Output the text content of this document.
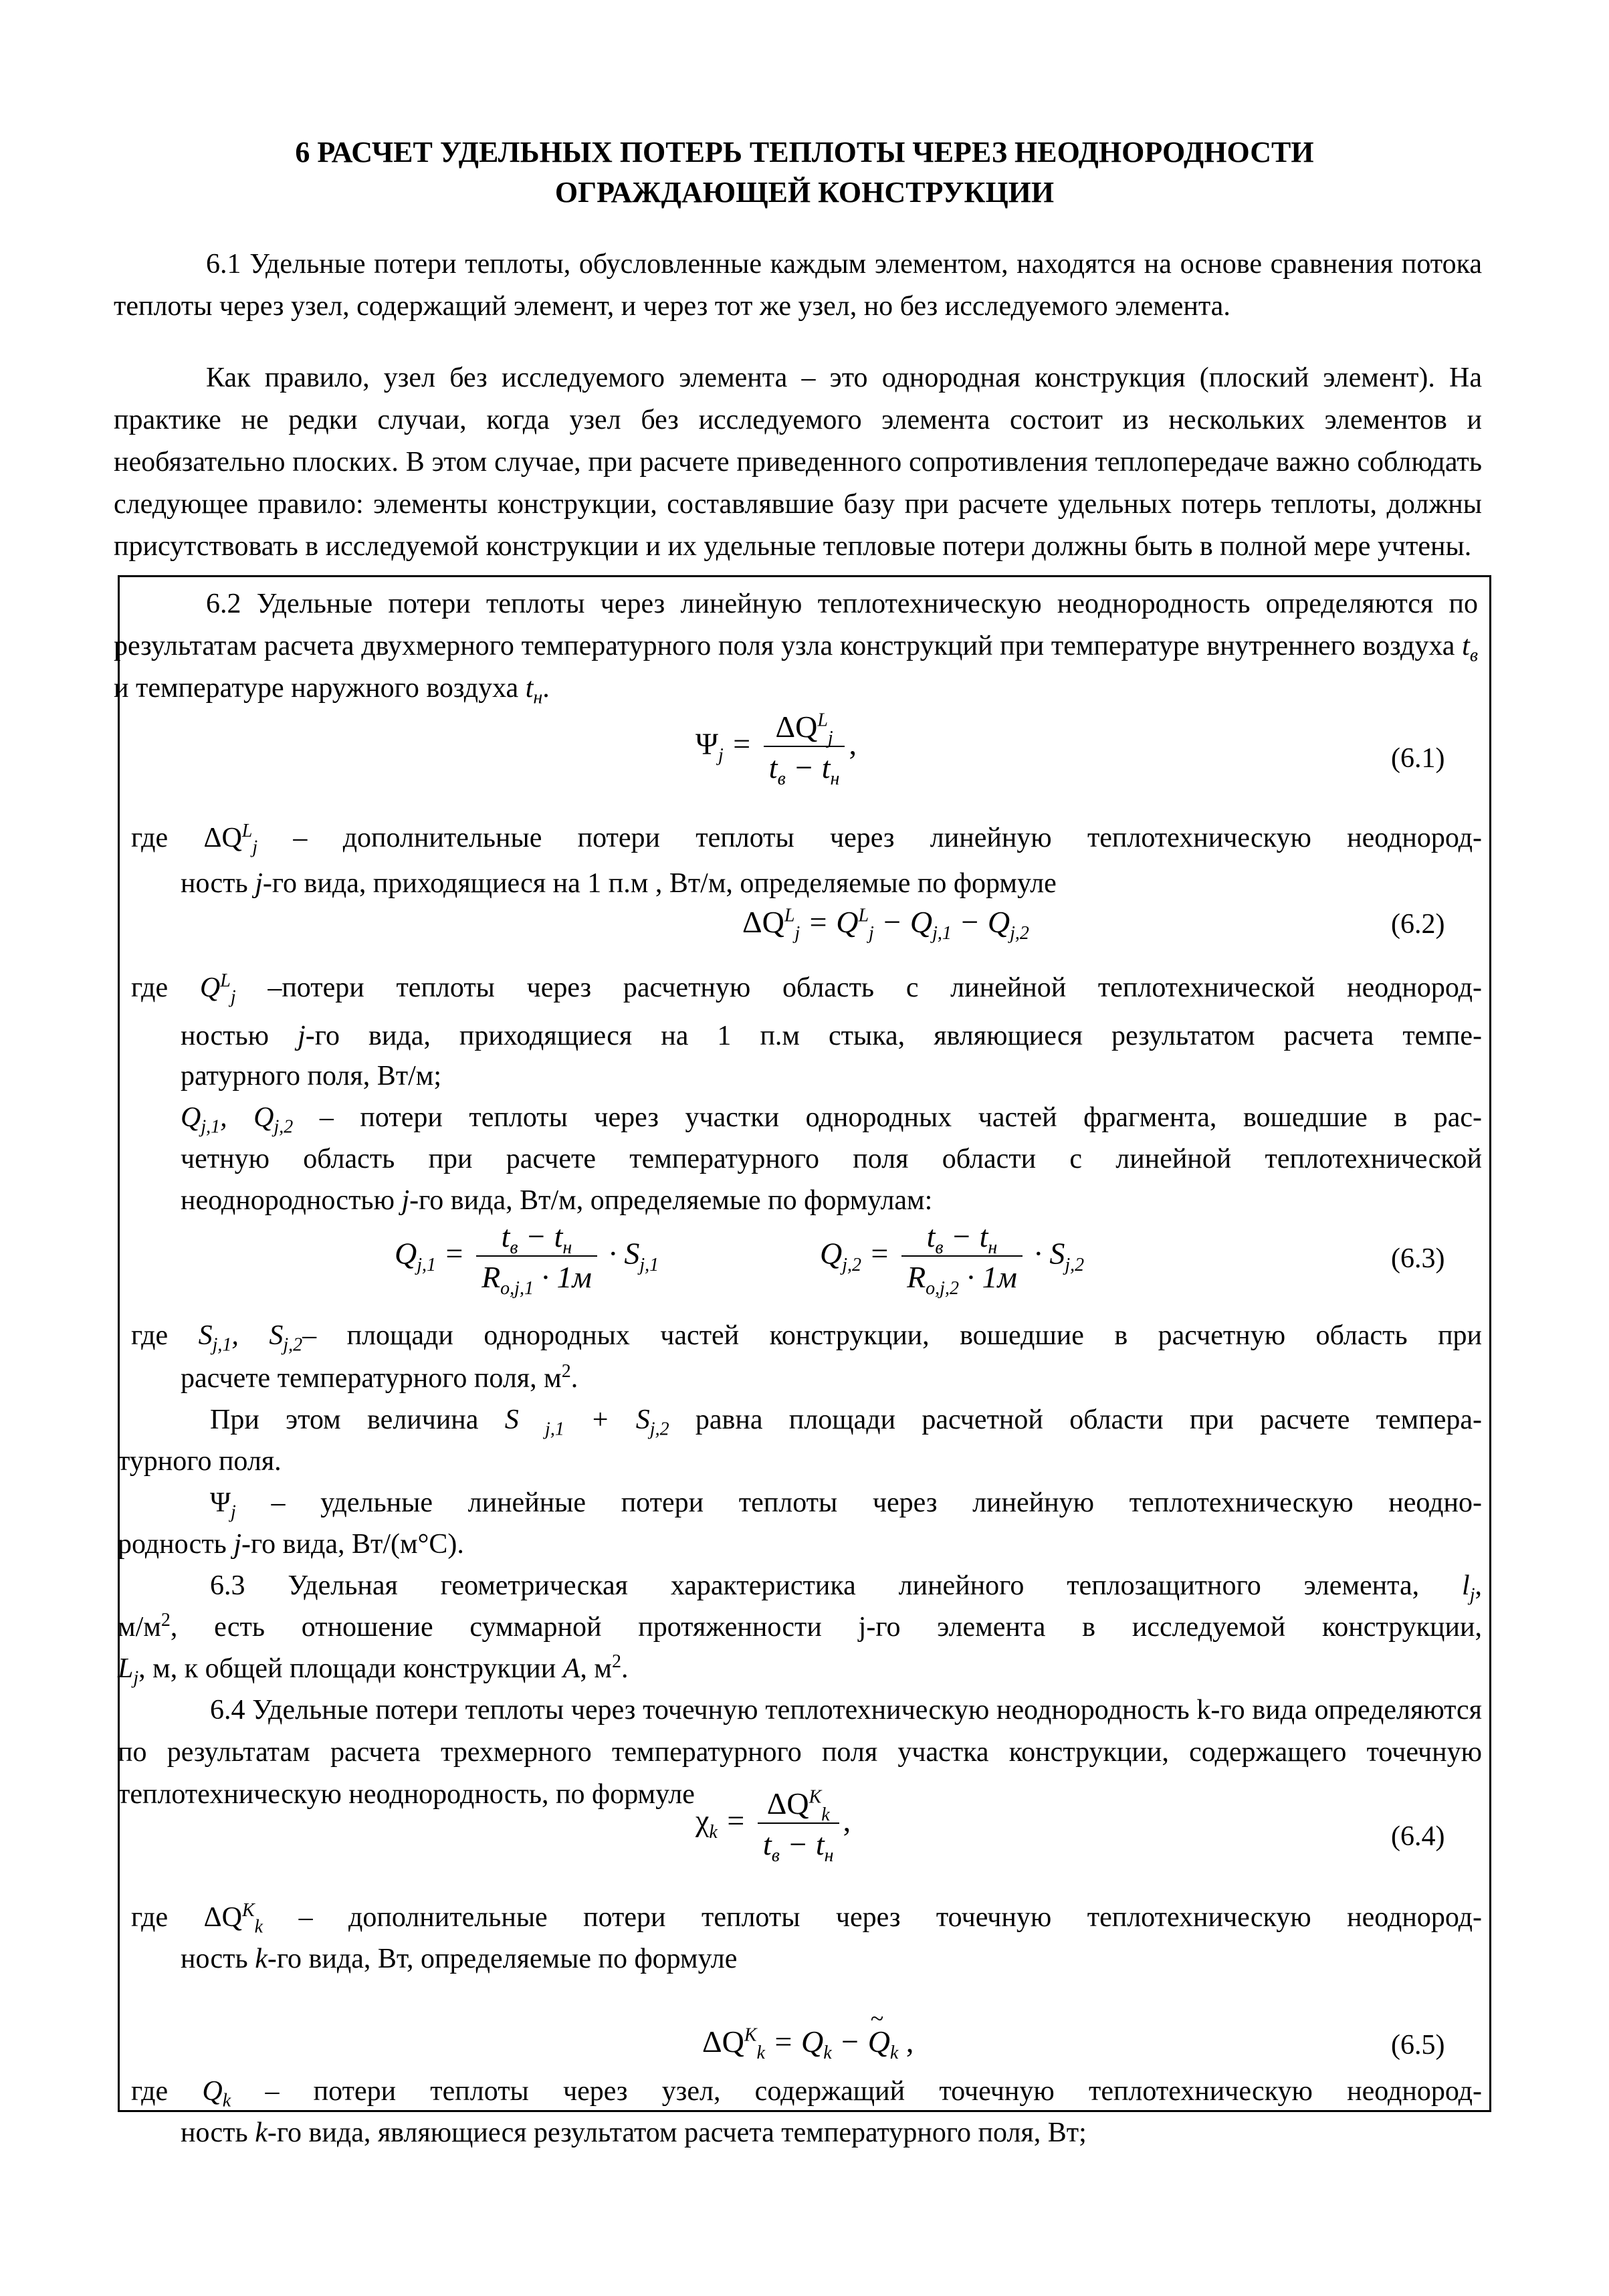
6 РАСЧЕТ УДЕЛЬНЫХ ПОТЕРЬ ТЕПЛОТЫ ЧЕРЕЗ НЕОДНОРОДНОСТИ
ОГРАЖДАЮЩЕЙ КОНСТРУКЦИИ
6.1 Удельные потери теплоты, обусловленные каждым элементом, находятся на основе сравнения потока теплоты через узел, содержащий элемент, и через тот же узел, но без исследуемого элемента.
Как правило, узел без исследуемого элемента – это однородная конструкция (плоский элемент). На практике не редки случаи, когда узел без исследуемого элемента состоит из нескольких элементов и необязательно плоских. В этом случае, при расчете приведенного сопротивления теплопередаче важно соблюдать следующее правило: элементы конструкции, составлявшие базу при расчете удельных потерь теплоты, должны присутствовать в исследуемой конструкции и их удельные тепловые потери должны быть в полной мере учтены.
6.2 Удельные потери теплоты через линейную теплотехническую неоднородность определяются по результатам расчета двухмерного температурного поля узла конструкций при температуре внутреннего воздуха $t_в$ и температуре наружного воздуха $t_н$.
$\Psi_j = \frac{\Delta Q^L_j}{t_в - t_н}$ ,	(6.1)
где $\Delta Q^L_j$ – дополнительные потери теплоты через линейную теплотехническую неоднород-
ность j-го вида, приходящиеся на 1 п.м , Вт/м, определяемые по формуле
$\Delta Q^L_j = Q^L_j - Q_{j,1} - Q_{j,2}$	(6.2)
где $Q^L_j$ –потери теплоты через расчетную область с линейной теплотехнической неоднород-
ностью j-го вида, приходящиеся на 1 п.м стыка, являющиеся результатом расчета темпе-
ратурного поля, Вт/м;
$Q_{j,1}$, $Q_{j,2}$ – потери теплоты через участки однородных частей фрагмента, вошедшие в рас-
четную область при расчете температурного поля области с линейной теплотехнической
неоднородностью j-го вида, Вт/м, определяемые по формулам:
$Q_{j,1} = \frac{t_в - t_н}{R_{o,j,1} \cdot 1м} \cdot S_{j,1}$	$Q_{j,2} = \frac{t_в - t_н}{R_{o,j,2} \cdot 1м} \cdot S_{j,2}$	(6.3)
где $S_{j,1}$, $S_{j,2}-$ площади однородных частей конструкции, вошедшие в расчетную область при
расчете температурного поля, $м^2$.
При этом величина S $_{j,1} + S_{j,2}$ равна площади расчетной области при расчете темпера-
турного поля.
$\Psi_j$ – удельные линейные потери теплоты через линейную теплотехническую неодно-
родность j-го вида, Вт/(м°С).
6.3 Удельная геометрическая характеристика линейного теплозащитного элемента, $l_j$,
$м/м^2$, есть отношение суммарной протяженности j-го элемента в исследуемой конструкции,
$L_j$, м, к общей площади конструкции A, $м^2$.
6.4 Удельные потери теплоты через точечную теплотехническую неоднородность k-го вида определяются по результатам расчета трехмерного температурного поля участка конструкции, содержащего точечную теплотехническую неоднородность, по формуле
$\chi_k = \frac{\Delta Q^K_k}{t_в - t_н}$ ,	(6.4)
где $\Delta Q^K_k$ – дополнительные потери теплоты через точечную теплотехническую неоднород-
ность k-го вида, Вт, определяемые по формуле
$\Delta Q^K_k = Q_k - Q$
~
$_k$ ,	(6.5)
где $Q_k$ – потери теплоты через узел, содержащий точечную теплотехническую неоднород-
ность k-го вида, являющиеся результатом расчета температурного поля, Вт;
